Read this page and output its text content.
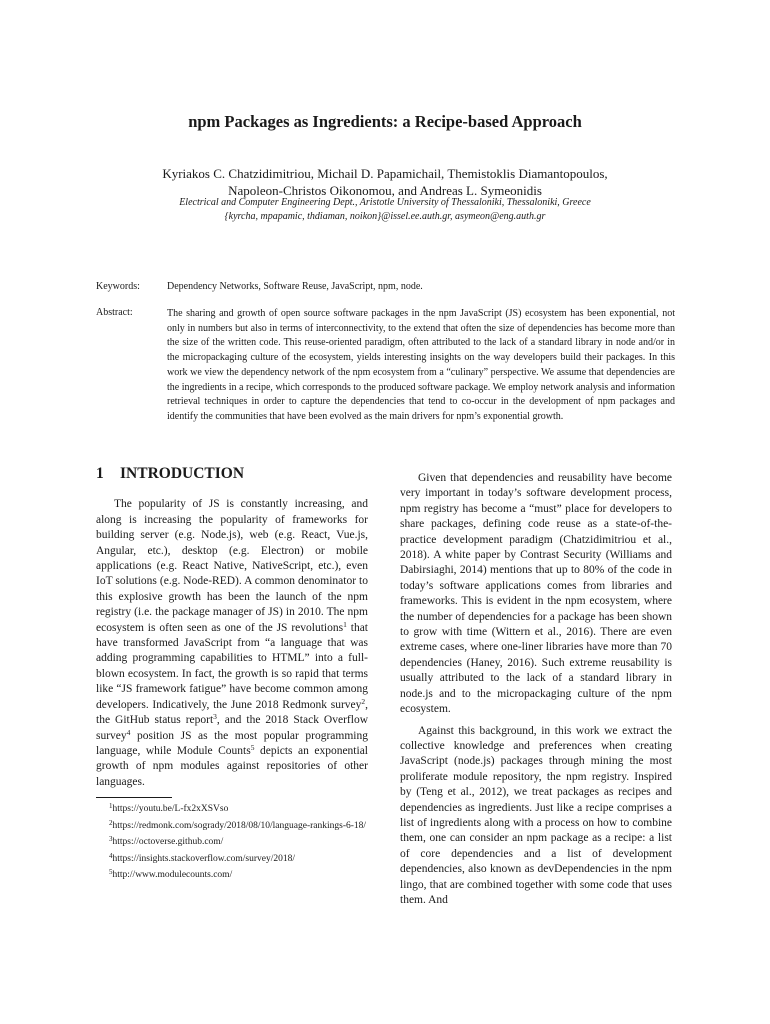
npm Packages as Ingredients: a Recipe-based Approach
Kyriakos C. Chatzidimitriou, Michail D. Papamichail, Themistoklis Diamantopoulos,
Napoleon-Christos Oikonomou, and Andreas L. Symeonidis
Electrical and Computer Engineering Dept., Aristotle University of Thessaloniki, Thessaloniki, Greece
{kyrcha, mpapamic, thdiaman, noikon}@issel.ee.auth.gr, asymeon@eng.auth.gr
Keywords:	Dependency Networks, Software Reuse, JavaScript, npm, node.
Abstract:	The sharing and growth of open source software packages in the npm JavaScript (JS) ecosystem has been exponential, not only in numbers but also in terms of interconnectivity, to the extend that often the size of dependencies has become more than the size of the written code. This reuse-oriented paradigm, often attributed to the lack of a standard library in node and/or in the micropackaging culture of the ecosystem, yields interesting insights on the way developers build their packages. In this work we view the dependency network of the npm ecosystem from a “culinary” perspective. We assume that dependencies are the ingredients in a recipe, which corresponds to the produced software package. We employ network analysis and information retrieval techniques in order to capture the dependencies that tend to co-occur in the development of npm packages and identify the communities that have been evolved as the main drivers for npm’s exponential growth.
1 INTRODUCTION

The popularity of JS is constantly increasing, and along is increasing the popularity of frameworks for building server (e.g. Node.js), web (e.g. React, Vue.js, Angular, etc.), desktop (e.g. Electron) or mobile applications (e.g. React Native, NativeScript, etc.), even IoT solutions (e.g. Node-RED). A common denominator to this explosive growth has been the launch of the npm registry (i.e. the package manager of JS) in 2010. The npm ecosystem is often seen as one of the JS revolutions$^1$ that have transformed JavaScript from “a language that was adding programming capabilities to HTML” into a full-blown ecosystem. In fact, the growth is so rapid that terms like “JS framework fatigue” have become common among developers. Indicatively, the June 2018 Redmonk survey$^2$, the GitHub status report$^3$, and the 2018 Stack Overflow survey$^4$ position JS as the most popular programming language, while Module Counts$^5$ depicts an exponential growth of npm modules against repositories of other languages.

$^1$https://youtu.be/L-fx2xXSVso
$^2$https://redmonk.com/sogrady/2018/08/10/language-rankings-6-18/
$^3$https://octoverse.github.com/
$^4$https://insights.stackoverflow.com/survey/2018/
$^5$http://www.modulecounts.com/

Given that dependencies and reusability have become very important in today’s software development process, npm registry has become a “must” place for developers to share packages, defining code reuse as a state-of-the-practice development paradigm (Chatzidimitriou et al., 2018). A white paper by Contrast Security (Williams and Dabirsiaghi, 2014) mentions that up to 80% of the code in today’s software applications comes from libraries and frameworks. This is evident in the npm ecosystem, where the number of dependencies for a package has been shown to grow with time (Wittern et al., 2016). There are even extreme cases, where one-liner libraries have more than 70 dependencies (Haney, 2016). Such extreme reusability is usually attributed to the lack of a standard library in node.js and to the micropackaging culture of the npm ecosystem.

Against this background, in this work we extract the collective knowledge and preferences when creating JavaScript (node.js) packages through mining the most proliferate module repository, the npm registry. Inspired by (Teng et al., 2012), we treat packages as recipes and dependencies as ingredients. Just like a recipe comprises a list of ingredients along with a process on how to combine them, one can consider an npm package as a recipe: a list of core dependencies and a list of development dependencies, also known as devDependencies in the npm lingo, that are combined together with some code that uses them. And
